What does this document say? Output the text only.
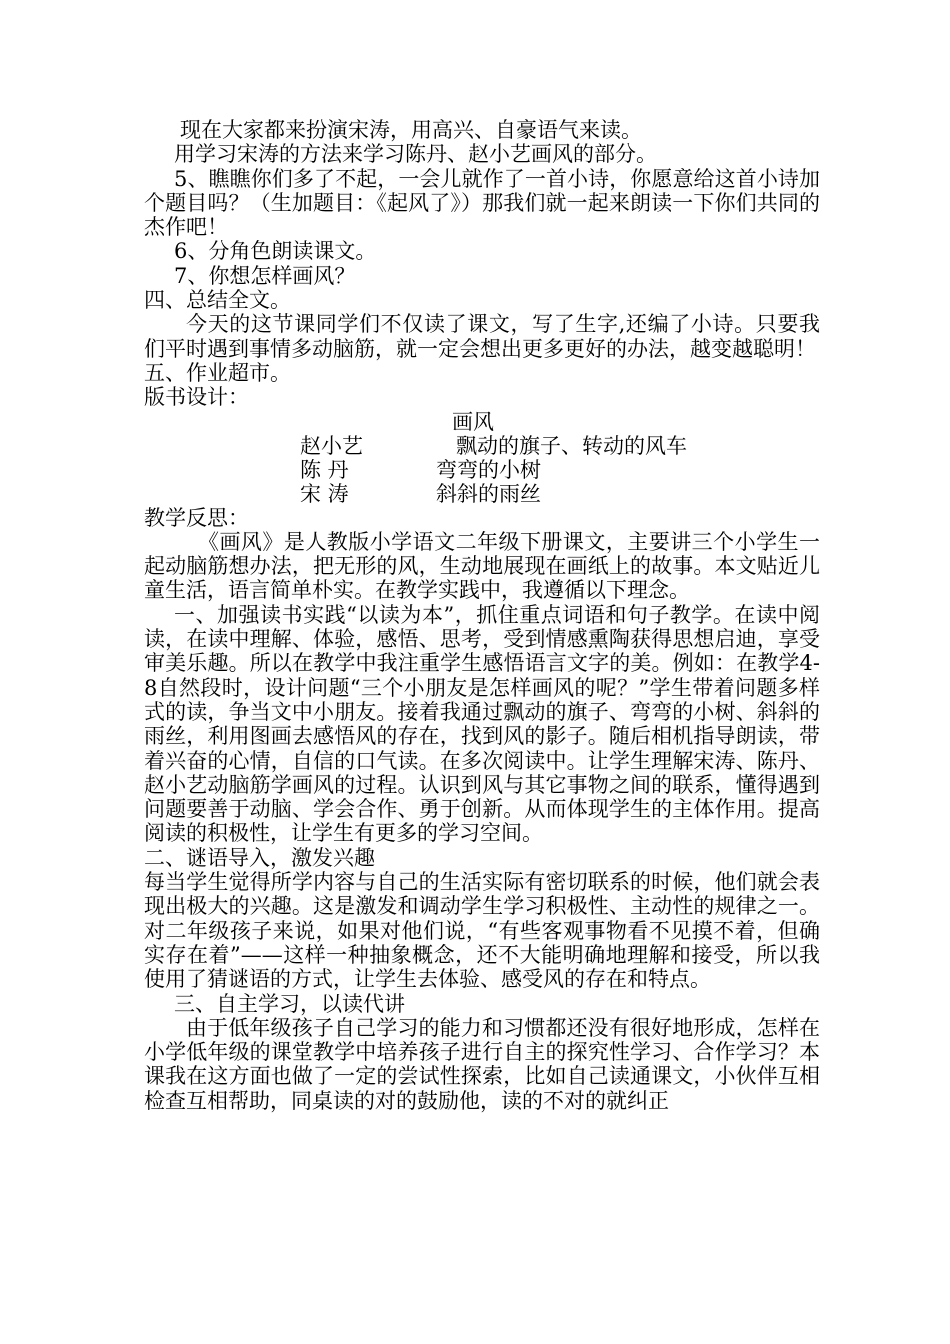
现在大家都来扮演宋涛，用高兴、自豪语气来读。

用学习宋涛的方法来学习陈丹、赵小艺画风的部分。

5、瞧瞧你们多了不起，一会儿就作了一首小诗，你愿意给这首小诗加个题目吗？（生加题目：《起风了》）那我们就一起来朗读一下你们共同的杰作吧！

6、分角色朗读课文。

7、你想怎样画风？

四、总结全文。

今天的这节课同学们不仅读了课文，写了生字,还编了小诗。只要我们平时遇到事情多动脑筋，就一定会想出更多更好的办法，越变越聪明！

五、作业超市。

版书设计：

画风
赵小艺	飘动的旗子、转动的风车
陈 丹	弯弯的小树
宋 涛	斜斜的雨丝

教学反思：

《画风》是人教版小学语文二年级下册课文，主要讲三个小学生一起动脑筋想办法，把无形的风，生动地展现在画纸上的故事。本文贴近儿童生活，语言简单朴实。在教学实践中，我遵循以下理念。

一、加强读书实践“以读为本”，抓住重点词语和句子教学。在读中阅读，在读中理解、体验，感悟、思考，受到情感熏陶获得思想启迪，享受审美乐趣。所以在教学中我注重学生感悟语言文字的美。例如：在教学4-8自然段时，设计问题“三个小朋友是怎样画风的呢？”学生带着问题多样式的读，争当文中小朋友。接着我通过飘动的旗子、弯弯的小树、斜斜的雨丝，利用图画去感悟风的存在，找到风的影子。随后相机指导朗读，带着兴奋的心情，自信的口气读。在多次阅读中。让学生理解宋涛、陈丹、赵小艺动脑筋学画风的过程。认识到风与其它事物之间的联系，懂得遇到问题要善于动脑、学会合作、勇于创新。从而体现学生的主体作用。提高阅读的积极性，让学生有更多的学习空间。

二、谜语导入，激发兴趣

每当学生觉得所学内容与自己的生活实际有密切联系的时候，他们就会表现出极大的兴趣。这是激发和调动学生学习积极性、主动性的规律之一。对二年级孩子来说，如果对他们说，“有些客观事物看不见摸不着，但确实存在着”——这样一种抽象概念，还不大能明确地理解和接受，所以我使用了猜谜语的方式，让学生去体验、感受风的存在和特点。

三、自主学习，以读代讲

由于低年级孩子自己学习的能力和习惯都还没有很好地形成，怎样在小学低年级的课堂教学中培养孩子进行自主的探究性学习、合作学习？本课我在这方面也做了一定的尝试性探索，比如自己读通课文，小伙伴互相检查互相帮助，同桌读的对的鼓励他，读的不对的就纠正
